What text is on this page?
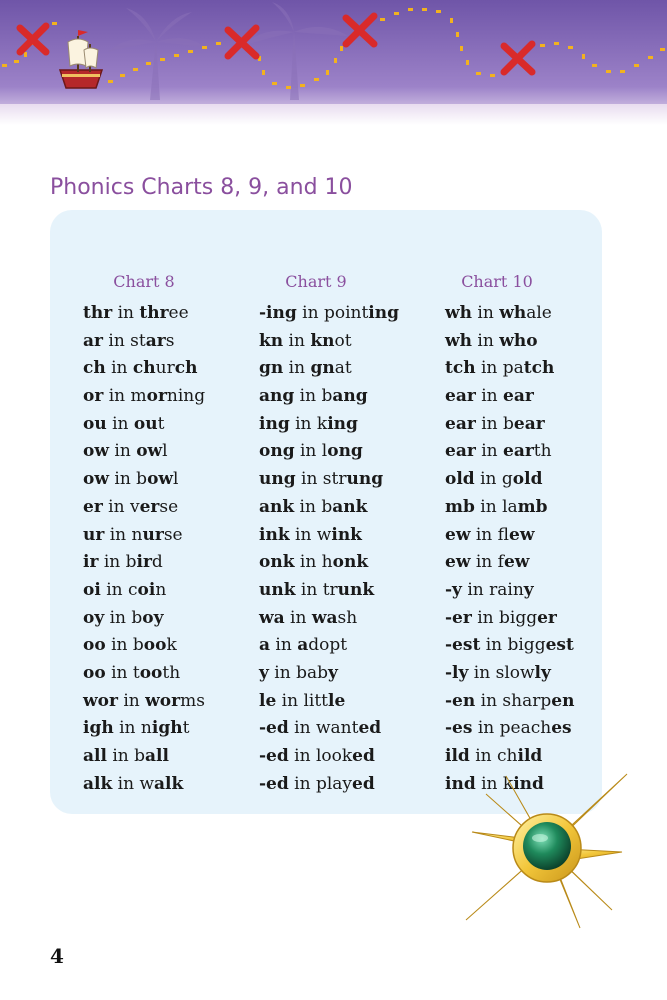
Phonics Charts 8, 9, and 10
Chart 8
thr in three
ar in stars
ch in church
or in morning
ou in out
ow in owl
ow in bowl
er in verse
ur in nurse
ir in bird
oi in coin
oy in boy
oo in book
oo in tooth
wor in worms
igh in night
all in ball
alk in walk
Chart 9
-ing in pointing
kn in knot
gn in gnat
ang in bang
ing in king
ong in long
ung in strung
ank in bank
ink in wink
onk in honk
unk in trunk
wa in wash
a in adopt
y in baby
le in little
-ed in wanted
-ed in looked
-ed in played
Chart 10
wh in whale
wh in who
tch in patch
ear in ear
ear in bear
ear in earth
old in gold
mb in lamb
ew in flew
ew in few
-y in rainy
-er in bigger
-est in biggest
-ly in slowly
-en in sharpen
-es in peaches
ild in child
ind in kind
4
